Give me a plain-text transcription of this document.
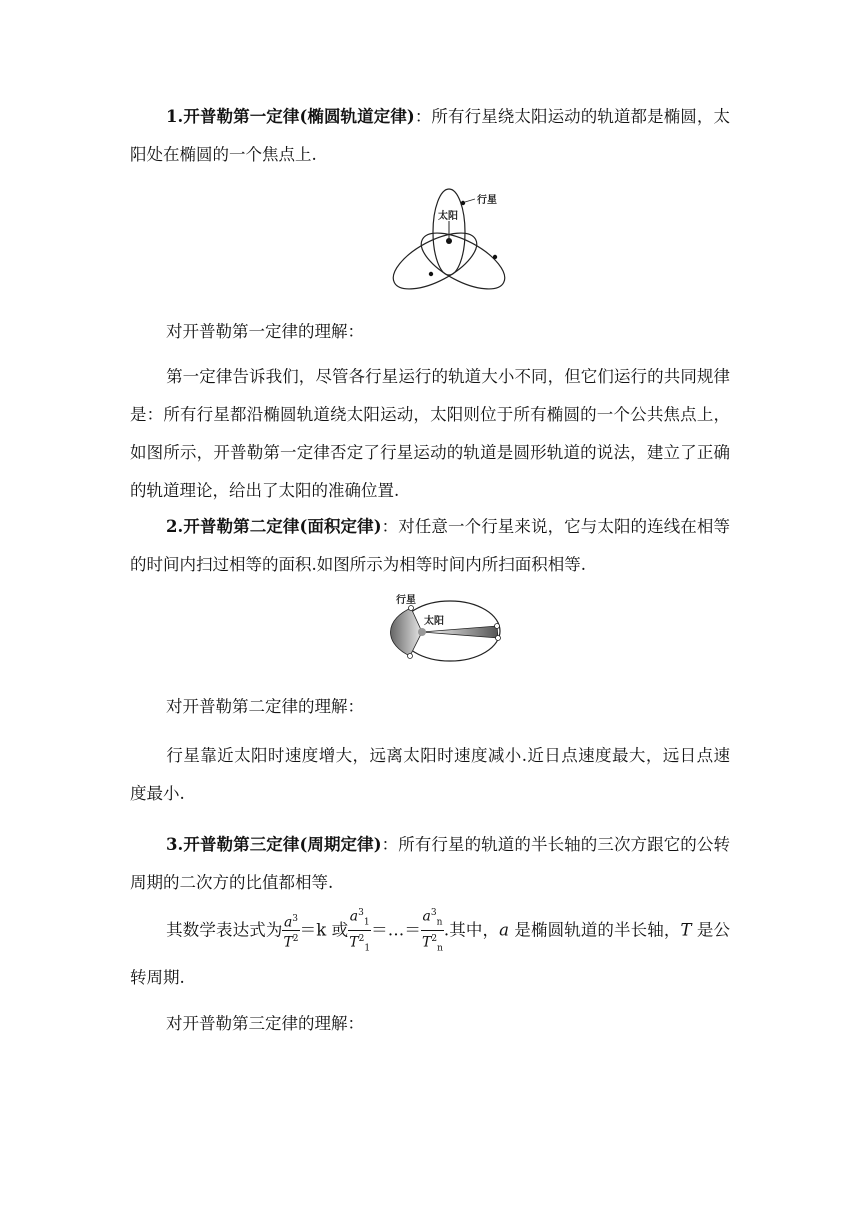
1.开普勒第一定律(椭圆轨道定律)：所有行星绕太阳运动的轨道都是椭圆，太阳处在椭圆的一个焦点上.
行星
太阳
对开普勒第一定律的理解：
第一定律告诉我们，尽管各行星运行的轨道大小不同，但它们运行的共同规律是：所有行星都沿椭圆轨道绕太阳运动，太阳则位于所有椭圆的一个公共焦点上，如图所示，开普勒第一定律否定了行星运动的轨道是圆形轨道的说法，建立了正确的轨道理论，给出了太阳的准确位置.
2.开普勒第二定律(面积定律)：对任意一个行星来说，它与太阳的连线在相等的时间内扫过相等的面积.如图所示为相等时间内所扫面积相等.
行星
太阳
对开普勒第二定律的理解：
行星靠近太阳时速度增大，远离太阳时速度减小.近日点速度最大，远日点速度最小.
3.开普勒第三定律(周期定律)：所有行星的轨道的半长轴的三次方跟它的公转周期的二次方的比值都相等.
其数学表达式为 $\frac{a^3}{T^2} =k$ 或 $\frac{a^3_1}{T^2_1}$ ＝…＝ $\frac{a^3_n}{T^2_n}$ .其中，a 是椭圆轨道的半长轴，T 是公转周期.
对开普勒第三定律的理解：
